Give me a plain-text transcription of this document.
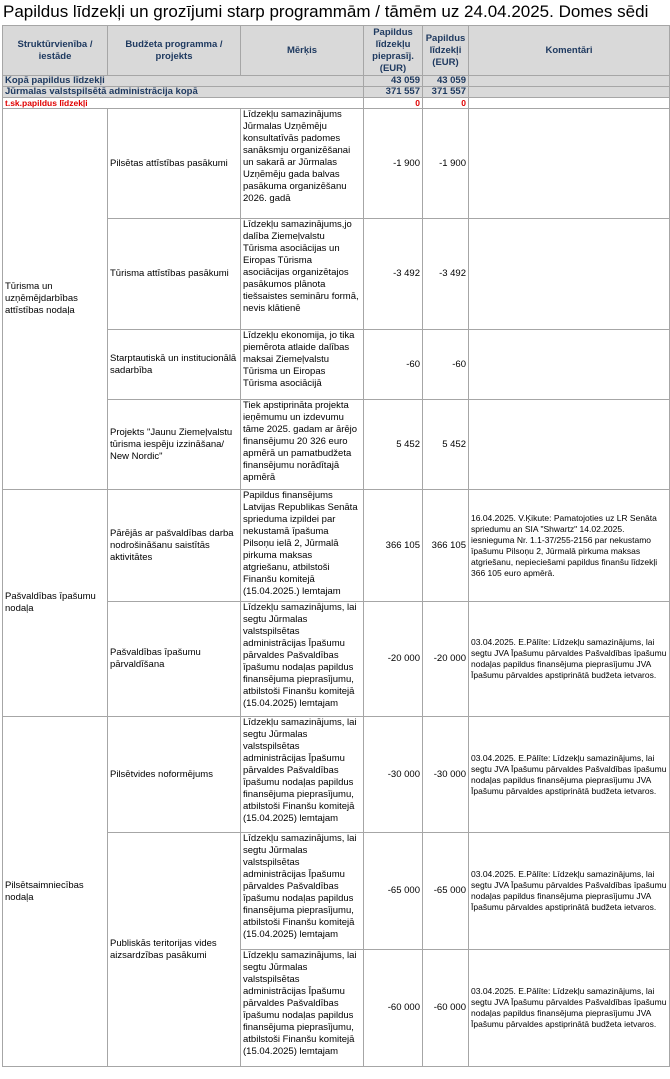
Papildus līdzekļi un grozījumi starp programmām / tāmēm uz 24.04.2025. Domes sēdi
Struktūrvienība / iestāde	Budžeta programma / projekts	Mērķis	Papildus līdzekļu pieprasīj. (EUR)	Papildus līdzekļi (EUR)	Komentāri
Kopā papildus līdzekļi			43 059	43 059	
Jūrmalas valstspilsētā administrācija kopā			371 557	371 557	
t.sk.papildus līdzekļi			0	0	
Tūrisma un uzņēmējdarbības attīstības nodaļa	Pilsētas attīstības pasākumi	Līdzekļu samazinājums Jūrmalas Uzņēmēju konsultatīvās padomes sanāksmju organizēšanai un sakarā ar Jūrmalas Uzņēmēju gada balvas pasākuma organizēšanu 2026. gadā	-1 900	-1 900	
	Tūrisma attīstības pasākumi	Līdzekļu samazinājums,jo dalība Ziemeļvalstu Tūrisma asociācijas un Eiropas Tūrisma asociācijas organizētajos pasākumos plānota tiešsaistes semināru formā, nevis klātienē	-3 492	-3 492	
	Starptautiskā un institucionālā sadarbība	Līdzekļu ekonomija, jo tika piemērota atlaide dalības maksai Ziemeļvalstu Tūrisma un Eiropas Tūrisma asociācijā	-60	-60	
	Projekts "Jaunu Ziemeļvalstu tūrisma iespēju izzināšana/ New Nordic"	Tiek apstiprināta projekta ieņēmumu un izdevumu tāme 2025. gadam ar ārējo finansējumu 20 326 euro apmērā un pamatbudžeta finansējumu norādītajā apmērā	5 452	5 452	
Pašvaldības īpašumu nodaļa	Pārējās ar pašvaldības darba nodrošināšanu saistītās aktivitātes	Papildus finansējums Latvijas Republikas Senāta sprieduma izpildei par nekustamā īpašuma Pilsoņu ielā 2, Jūrmalā pirkuma maksas atgriešanu, atbilstoši Finanšu komitejā (15.04.2025.) lemtajam	366 105	366 105	16.04.2025. V.Ķikute: Pamatojoties uz LR Senāta spriedumu an SIA "Shwartz" 14.02.2025. iesnieguma Nr. 1.1-37/255-2156 par nekustamo īpašumu Pilsoņu 2, Jūrmalā pirkuma maksas atgriešanu, nepieciešami papildus finanšu līdzekļi 366 105 euro apmērā.
	Pašvaldības īpašumu pārvaldīšana	Līdzekļu samazinājums, lai segtu Jūrmalas valstspilsētas administrācijas Īpašumu pārvaldes Pašvaldības īpašumu nodaļas papildus finansējuma pieprasījumu, atbilstoši Finanšu komitejā (15.04.2025) lemtajam	-20 000	-20 000	03.04.2025. E.Pālīte: Līdzekļu samazinājums, lai segtu JVA Īpašumu pārvaldes Pašvaldības īpašumu nodaļas papildus finansējuma pieprasījumu JVA Īpašumu pārvaldes apstiprinātā budžeta ietvaros.
Pilsētsaimniecības nodaļa	Pilsētvides noformējums	Līdzekļu samazinājums, lai segtu Jūrmalas valstspilsētas administrācijas Īpašumu pārvaldes Pašvaldības īpašumu nodaļas papildus finansējuma pieprasījumu, atbilstoši Finanšu komitejā (15.04.2025) lemtajam	-30 000	-30 000	03.04.2025. E.Pālīte: Līdzekļu samazinājums, lai segtu JVA Īpašumu pārvaldes Pašvaldības īpašumu nodaļas papildus finansējuma pieprasījumu JVA Īpašumu pārvaldes apstiprinātā budžeta ietvaros.
	Publiskās teritorijas vides aizsardzības pasākumi	Līdzekļu samazinājums, lai segtu Jūrmalas valstspilsētas administrācijas Īpašumu pārvaldes Pašvaldības īpašumu nodaļas papildus finansējuma pieprasījumu, atbilstoši Finanšu komitejā (15.04.2025) lemtajam	-65 000	-65 000	03.04.2025. E.Pālīte: Līdzekļu samazinājums, lai segtu JVA Īpašumu pārvaldes Pašvaldības īpašumu nodaļas papildus finansējuma pieprasījumu JVA Īpašumu pārvaldes apstiprinātā budžeta ietvaros.
		Līdzekļu samazinājums, lai segtu Jūrmalas valstspilsētas administrācijas Īpašumu pārvaldes Pašvaldības īpašumu nodaļas papildus finansējuma pieprasījumu, atbilstoši Finanšu komitejā (15.04.2025) lemtajam	-60 000	-60 000	03.04.2025. E.Pālīte: Līdzekļu samazinājums, lai segtu JVA Īpašumu pārvaldes Pašvaldības īpašumu nodaļas papildus finansējuma pieprasījumu JVA Īpašumu pārvaldes apstiprinātā budžeta ietvaros.
